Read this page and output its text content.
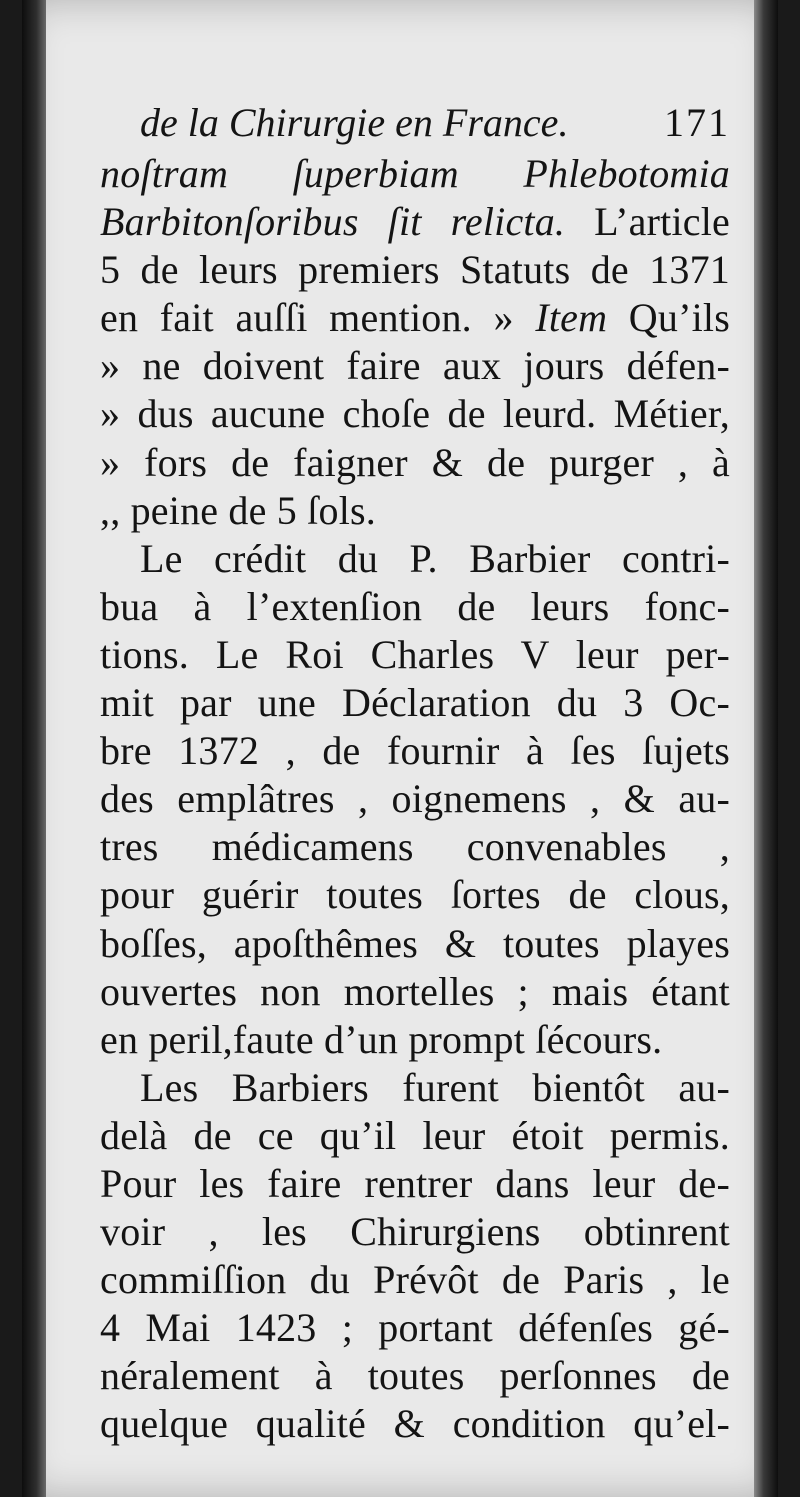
de la Chirurgie en France. 171
noſtram ſuperbiam Phlebotomia
Barbitonſoribus ſit relicta. L’article
5 de leurs premiers Statuts de 1371
en fait auſſi mention. » Item Qu’ils
» ne doivent faire aux jours défen-
» dus aucune choſe de leurd. Métier,
» fors de faigner & de purger , à
,, peine de 5 ſols.
Le crédit du P. Barbier contri-
bua à l’extenſion de leurs fonc-
tions. Le Roi Charles V leur per-
mit par une Déclaration du 3 Oc-
bre 1372 , de fournir à ſes ſujets
des emplâtres , oignemens , & au-
tres médicamens convenables ,
pour guérir toutes ſortes de clous,
boſſes, apoſthêmes & toutes playes
ouvertes non mortelles ; mais étant
en peril,faute d’un prompt ſécours.
Les Barbiers furent bientôt au-
delà de ce qu’il leur étoit permis.
Pour les faire rentrer dans leur de-
voir , les Chirurgiens obtinrent
commiſſion du Prévôt de Paris , le
4 Mai 1423 ; portant défenſes gé-
néralement à toutes perſonnes de
quelque qualité & condition qu’el-
